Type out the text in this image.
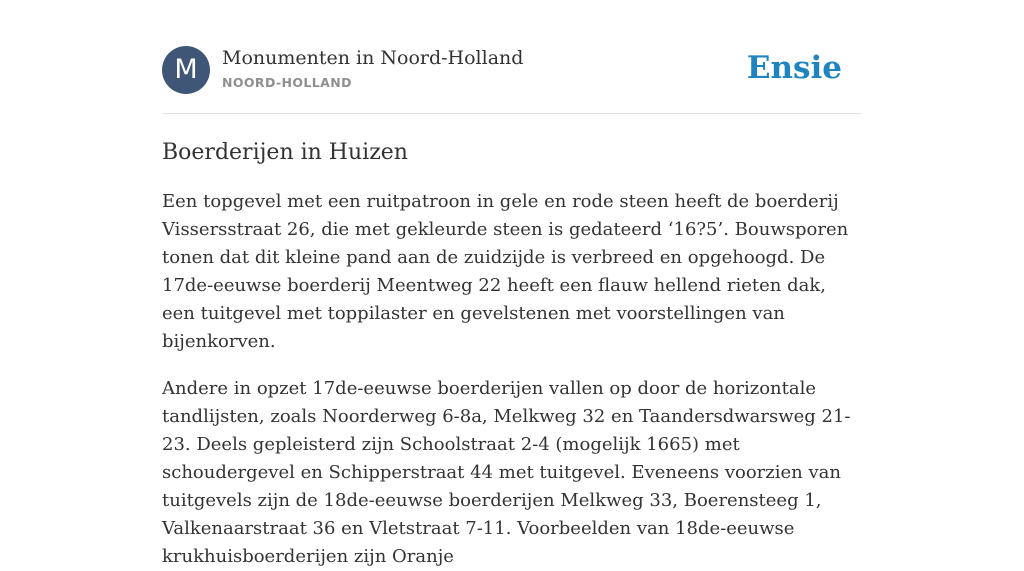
M	Monumenten in Noord-Holland
NOORD-HOLLAND	Ensie
Boerderijen in Huizen

Een topgevel met een ruitpatroon in gele en rode steen heeft de boerderij Vissersstraat 26, die met gekleurde steen is gedateerd ‘16?5’. Bouwsporen tonen dat dit kleine pand aan de zuidzijde is verbreed en opgehoogd. De 17de-eeuwse boerderij Meentweg 22 heeft een flauw hellend rieten dak, een tuitgevel met toppilaster en gevelstenen met voorstellingen van bijenkorven.

Andere in opzet 17de-eeuwse boerderijen vallen op door de horizontale tandlijsten, zoals Noorderweg 6-8a, Melkweg 32 en Taandersdwarsweg 21-23. Deels gepleisterd zijn Schoolstraat 2-4 (mogelijk 1665) met schoudergevel en Schipperstraat 44 met tuitgevel. Eveneens voorzien van tuitgevels zijn de 18de-eeuwse boerderijen Melkweg 33, Boerensteeg 1, Valkenaarstraat 36 en Vletstraat 7-11. Voorbeelden van 18de-eeuwse krukhuisboerderijen zijn Oranje
